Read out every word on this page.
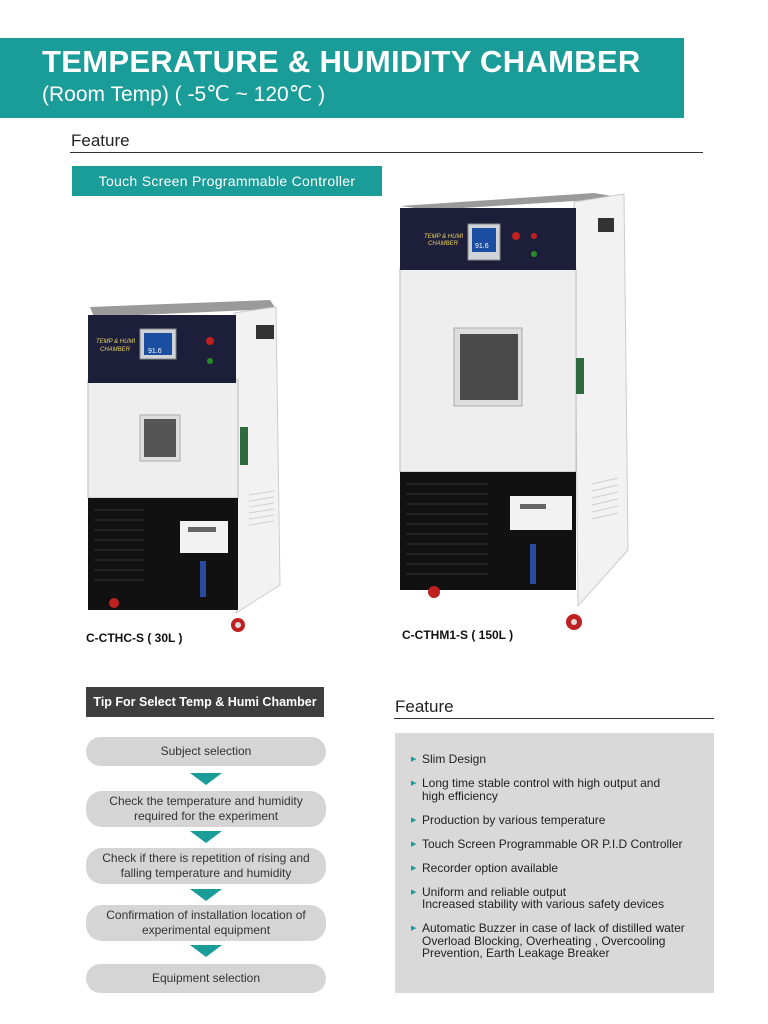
TEMPERATURE & HUMIDITY CHAMBER
(Room Temp) ( -5℃ ~ 120℃ )
Feature
Touch Screen Programmable Controller
TEMP & HUMI
CHAMBER	91.6
C-CTHC-S ( 30L )
TEMP & HUMI
CHAMBER 91.6
C-CTHM1-S ( 150L )
Tip For Select Temp & Humi Chamber
Subject selection
Check the temperature and humidity required for the experiment
Check if there is repetition of rising and falling temperature and humidity
Confirmation of installation location of experimental equipment
Equipment selection
Feature
▶ Slim Design
▶ Long time stable control with high output and
high efficiency
▶ Production by various temperature
▶ Touch Screen Programmable OR P.I.D Controller
▶ Recorder option available
▶ Uniform and reliable output
Increased stability with various safety devices
▶ Automatic Buzzer in case of lack of distilled water
Overload Blocking, Overheating , Overcooling
Prevention, Earth Leakage Breaker
